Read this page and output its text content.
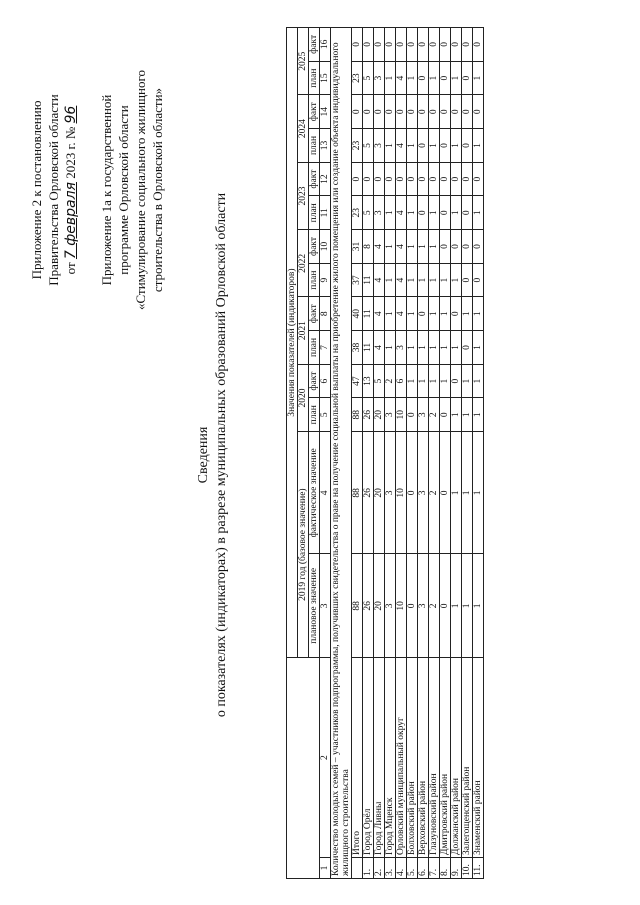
Приложение 2 к постановлению Правительства Орловской области от 7 февраля 2023 г. № 96 Приложение 1а к государственной программе Орловской области «Стимулирование социального жилищного строительства в Орловской области»

Сведения о показателях (индикаторах) в разрезе муниципальных образований Орловской области

		Значения показателей (индикаторов)													
		2019 год (базовое значение)		2020		2021		2022		2023		2024		2025	
		плановое значение	фактическое значение												
				план	факт	план	факт	план	факт	план	факт	план	факт	план	факт
1	2	3	4	5	6	7	8	9	10	11	12	13	14	15	16
Количество молодых семей – участников подпрограммы, получивших свидетельства о праве на получение социальной выплаты на приобретение жилого помещения или создание объекта индивидуального жилищного строительства															
	Итого	88	88	88	47	38	40	37	31	23	0	23	0	23	0
1.	Город Орёл	26	26	26	13	11	11	11	8	5	0	5	0	5	0
2.	Город Ливны	20	20	20	5	4	4	4	4	3	0	3	0	3	0
3.	Город Мценск	3	3	3	2	1	1	1	1	1	0	1	0	1	0
4.	Орловский муниципальный округ	10	10	10	6	3	4	4	4	4	0	4	0	4	0
5.	Болховский район	0	0	0	1	1	1	1	1	1	0	1	0	1	0
6.	Верховский район	3	3	3	1	1	0	1	1	0	0	0	0	0	0
7.	Глазуновский район	2	2	2	1	1	1	1	1	1	0	1	0	1	0
8.	Дмитровский район	0	0	0	1	1	1	1	0	0	0	0	0	0	0
9.	Должанский район	1	1	1	0	1	0	1	0	1	0	1	0	1	0
10.	Залегощенский район	1	1	1	1	0	1	0	0	0	0	0	0	0	0
11.	Знаменский район	1	1	1	1	1	1	0	0	1	0	1	0	1	0
